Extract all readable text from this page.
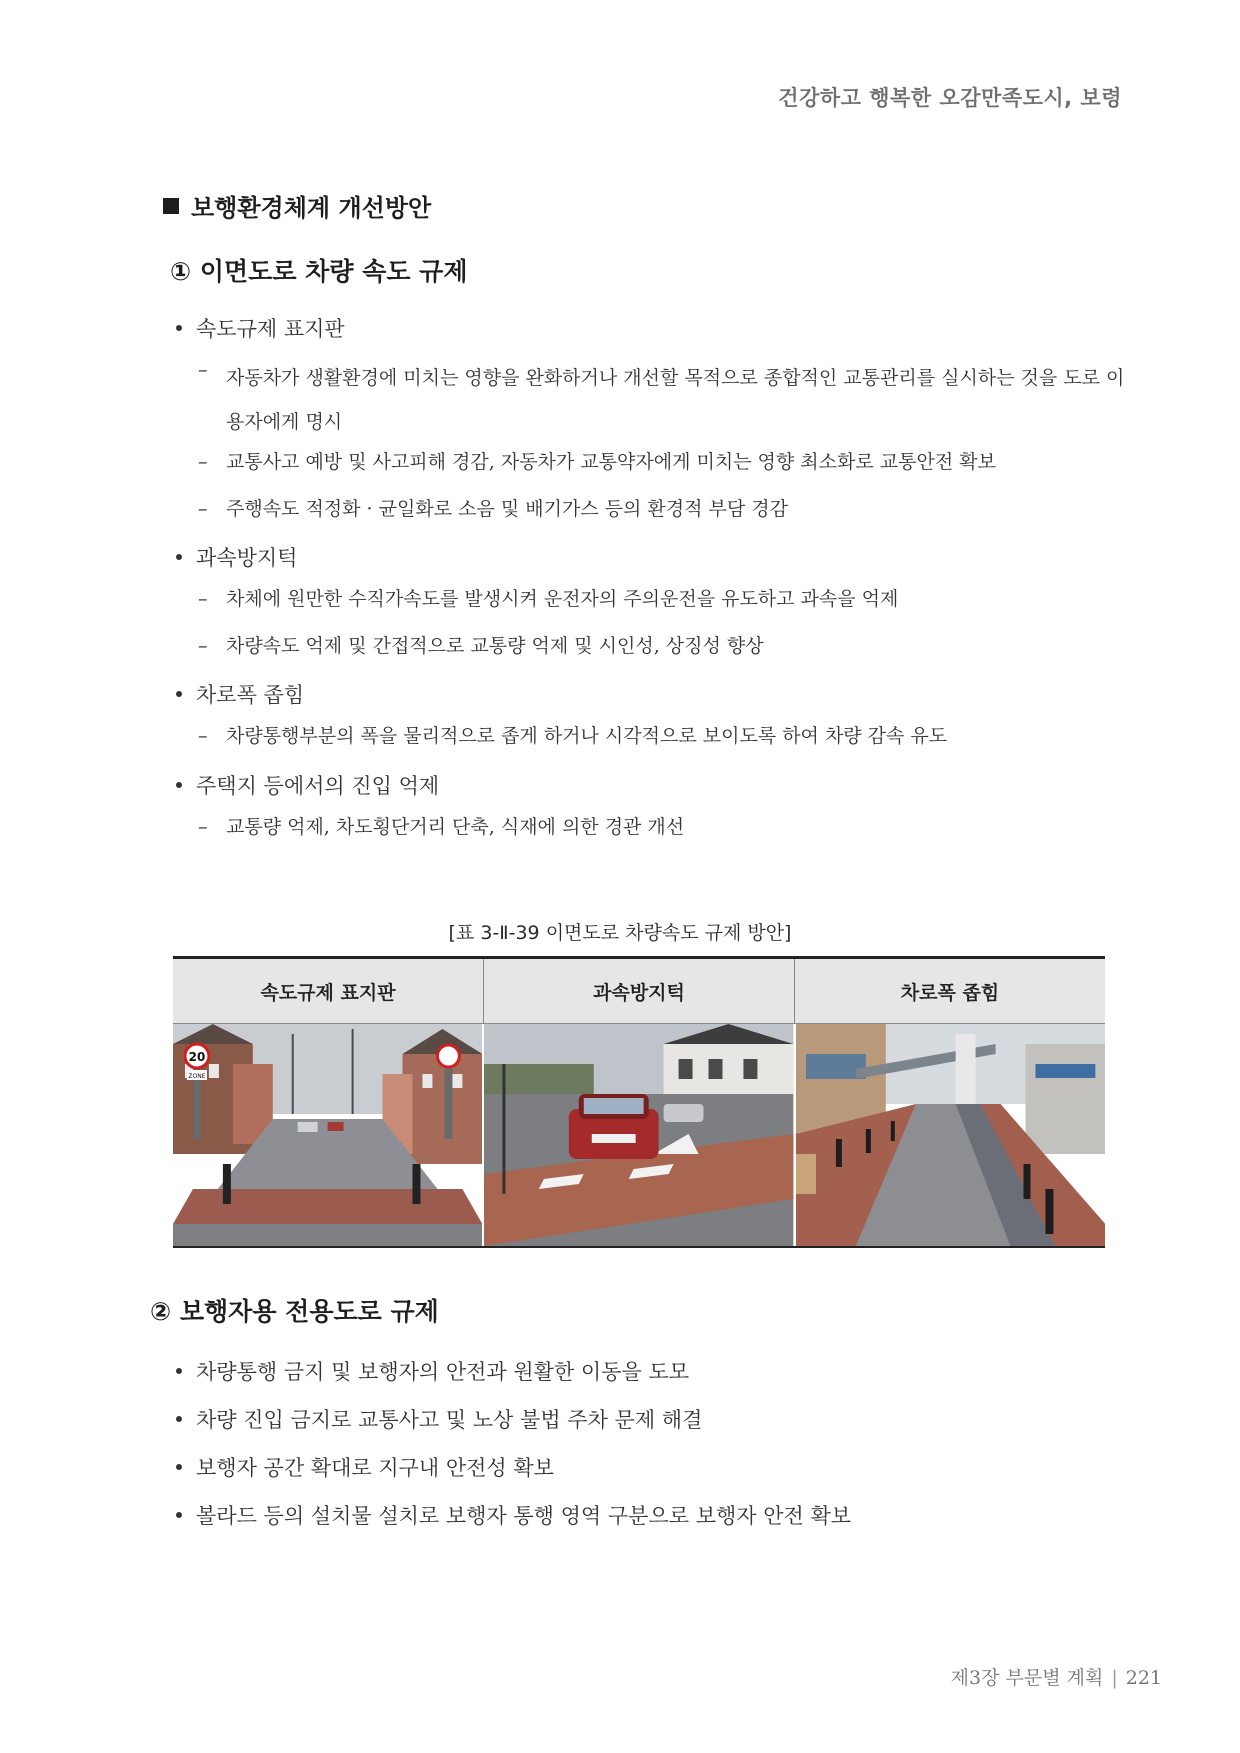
건강하고 행복한 오감만족도시, 보령
보행환경체계 개선방안
① 이면도로 차량 속도 규제
속도규제 표지판
– 자동차가 생활환경에 미치는 영향을 완화하거나 개선할 목적으로 종합적인 교통관리를 실시하는 것을 도로 이용자에게 명시
– 교통사고 예방 및 사고피해 경감, 자동차가 교통약자에게 미치는 영향 최소화로 교통안전 확보
– 주행속도 적정화 · 균일화로 소음 및 배기가스 등의 환경적 부담 경감
과속방지턱
– 차체에 원만한 수직가속도를 발생시켜 운전자의 주의운전을 유도하고 과속을 억제
– 차량속도 억제 및 간접적으로 교통량 억제 및 시인성, 상징성 향상
차로폭 좁힘
– 차량통행부분의 폭을 물리적으로 좁게 하거나 시각적으로 보이도록 하여 차량 감속 유도
주택지 등에서의 진입 억제
– 교통량 억제, 차도횡단거리 단축, 식재에 의한 경관 개선
[표 3-Ⅱ-39 이면도로 차량속도 규제 방안]
속도규제 표지판	과속방지턱	차로폭 좁힘
20
ZONE
② 보행자용 전용도로 규제
차량통행 금지 및 보행자의 안전과 원활한 이동을 도모
차량 진입 금지로 교통사고 및 노상 불법 주차 문제 해결
보행자 공간 확대로 지구내 안전성 확보
볼라드 등의 설치물 설치로 보행자 통행 영역 구분으로 보행자 안전 확보
제3장 부문별 계획 | 221
